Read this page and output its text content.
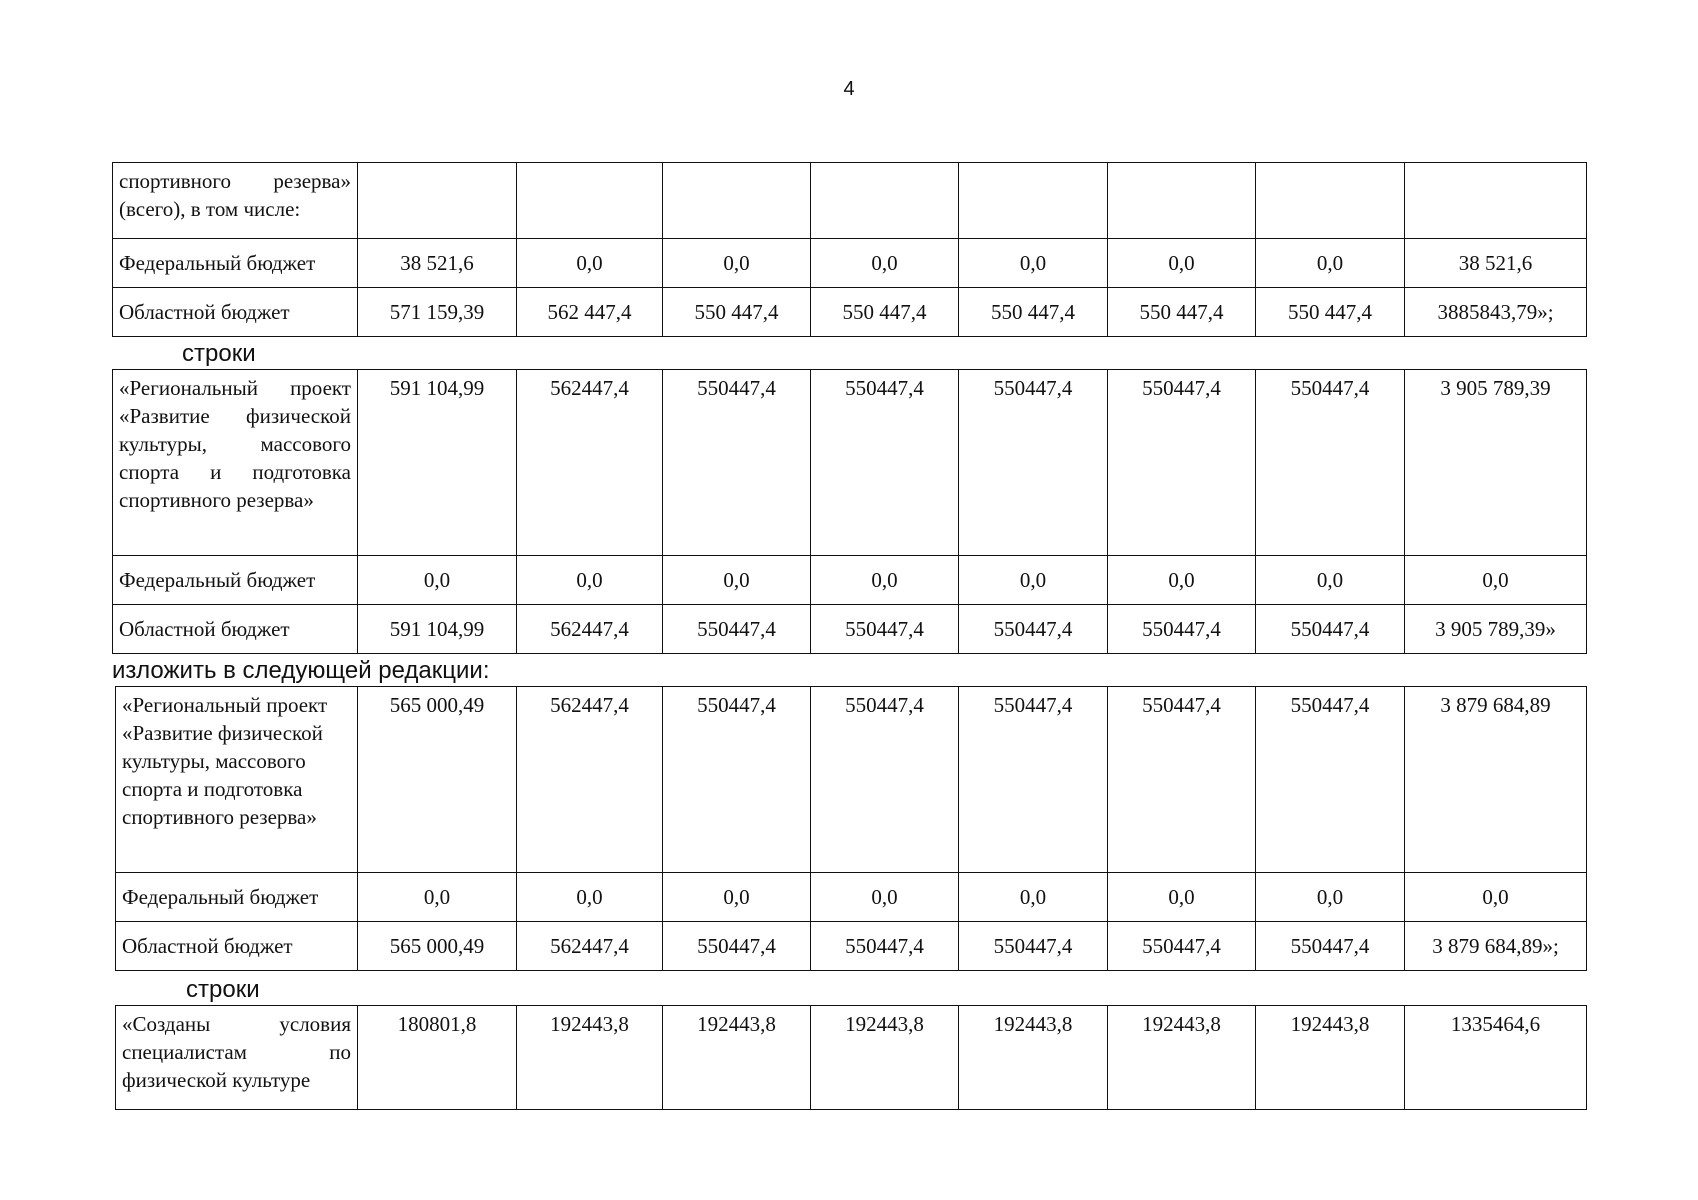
4
спортивного резерва» (всего), в том числе:								
Федеральный бюджет	38 521,6	0,0	0,0	0,0	0,0	0,0	0,0	38 521,6
Областной бюджет	571 159,39	562 447,4	550 447,4	550 447,4	550 447,4	550 447,4	550 447,4	3885843,79»;
строки
«Региональный проект «Развитие физической культуры, массового спорта и подготовка спортивного резерва»	591 104,99	562447,4	550447,4	550447,4	550447,4	550447,4	550447,4	3 905 789,39
Федеральный бюджет	0,0	0,0	0,0	0,0	0,0	0,0	0,0	0,0
Областной бюджет	591 104,99	562447,4	550447,4	550447,4	550447,4	550447,4	550447,4	3 905 789,39»
изложить в следующей редакции:
«Региональный проект «Развитие физической культуры, массового спорта и подготовка спортивного резерва»	565 000,49	562447,4	550447,4	550447,4	550447,4	550447,4	550447,4	3 879 684,89
Федеральный бюджет	0,0	0,0	0,0	0,0	0,0	0,0	0,0	0,0
Областной бюджет	565 000,49	562447,4	550447,4	550447,4	550447,4	550447,4	550447,4	3 879 684,89»;
строки
«Созданы условия специалистам по физической культуре	180801,8	192443,8	192443,8	192443,8	192443,8	192443,8	192443,8	1335464,6
